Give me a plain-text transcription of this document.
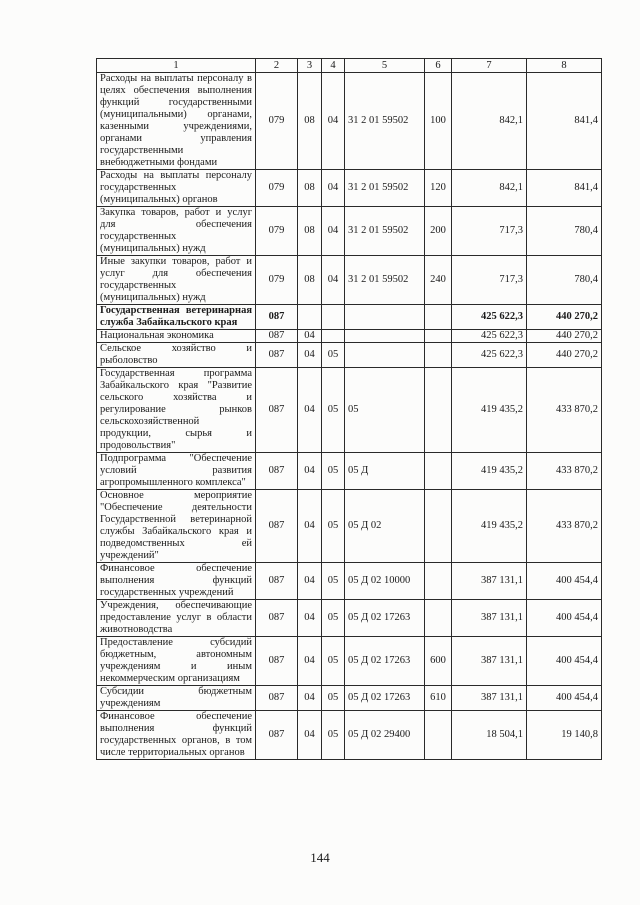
1	2	3	4	5	6	7	8
Расходы на выплаты персоналу в целях обеспечения выполнения функций государственными (муниципальными) органами, казенными учреждениями, органами управления государственными внебюджетными фондами	079	08	04	31 2 01 59502	100	842,1	841,4
Расходы на выплаты персоналу государственных (муниципальных) органов	079	08	04	31 2 01 59502	120	842,1	841,4
Закупка товаров, работ и услуг для обеспечения государственных (муниципальных) нужд	079	08	04	31 2 01 59502	200	717,3	780,4
Иные закупки товаров, работ и услуг для обеспечения государственных (муниципальных) нужд	079	08	04	31 2 01 59502	240	717,3	780,4
Государственная ветеринарная служба Забайкальского края	087					425 622,3	440 270,2
Национальная экономика	087	04				425 622,3	440 270,2
Сельское хозяйство и рыболовство	087	04	05			425 622,3	440 270,2
Государственная программа Забайкальского края "Развитие сельского хозяйства и регулирование рынков сельскохозяйственной продукции, сырья и продовольствия"	087	04	05	05		419 435,2	433 870,2
Подпрограмма "Обеспечение условий развития агропромышленного комплекса"	087	04	05	05 Д		419 435,2	433 870,2
Основное мероприятие "Обеспечение деятельности Государственной ветеринарной службы Забайкальского края и подведомственных ей учреждений"	087	04	05	05 Д 02		419 435,2	433 870,2
Финансовое обеспечение выполнения функций государственных учреждений	087	04	05	05 Д 02 10000		387 131,1	400 454,4
Учреждения, обеспечивающие предоставление услуг в области животноводства	087	04	05	05 Д 02 17263		387 131,1	400 454,4
Предоставление субсидий бюджетным, автономным учреждениям и иным некоммерческим организациям	087	04	05	05 Д 02 17263	600	387 131,1	400 454,4
Субсидии бюджетным учреждениям	087	04	05	05 Д 02 17263	610	387 131,1	400 454,4
Финансовое обеспечение выполнения функций государственных органов, в том числе территориальных органов	087	04	05	05 Д 02 29400		18 504,1	19 140,8
144
